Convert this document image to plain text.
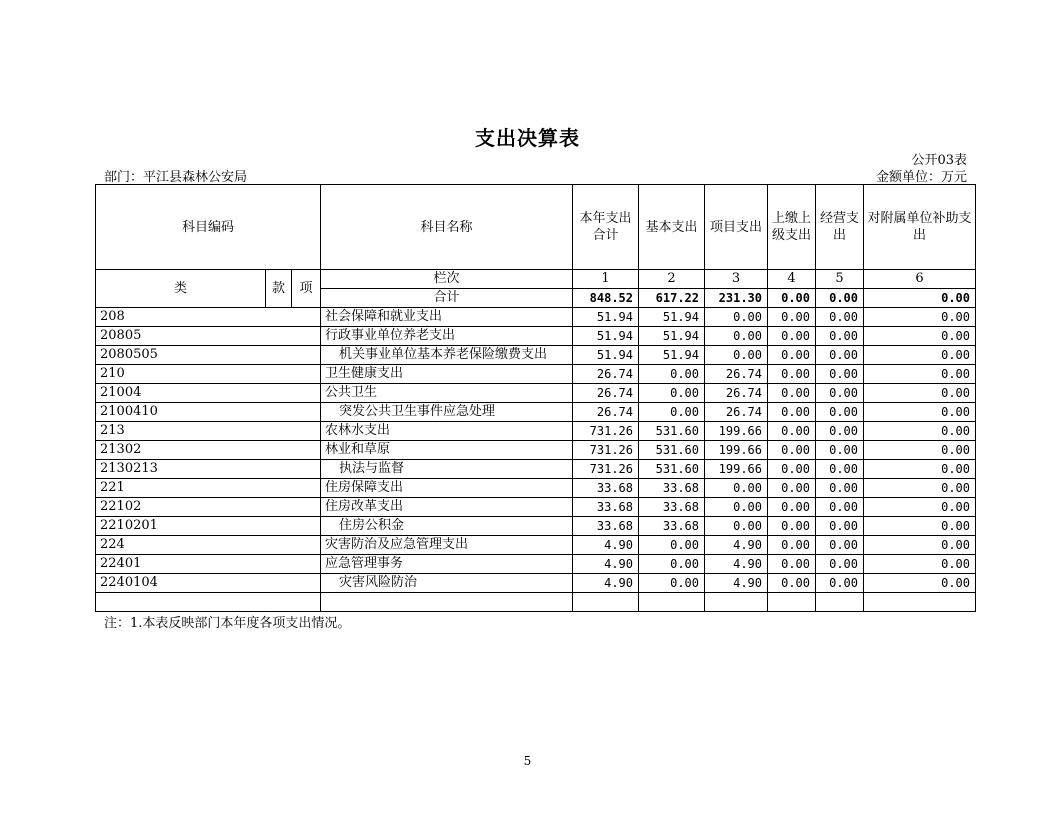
支出决算表
公开03表
部门：平江县森林公安局	金额单位：万元
科目编码			科目名称	本年支出合计	基本支出	项目支出	上缴上级支出	经营支出	对附属单位补助支出
类	款	项	栏次	1	2	3	4	5	6
			合计	848.52	617.22	231.30	0.00	0.00	0.00
208			社会保障和就业支出	51.94	51.94	0.00	0.00	0.00	0.00
20805			行政事业单位养老支出	51.94	51.94	0.00	0.00	0.00	0.00
2080505			机关事业单位基本养老保险缴费支出	51.94	51.94	0.00	0.00	0.00	0.00
210			卫生健康支出	26.74	0.00	26.74	0.00	0.00	0.00
21004			公共卫生	26.74	0.00	26.74	0.00	0.00	0.00
2100410			突发公共卫生事件应急处理	26.74	0.00	26.74	0.00	0.00	0.00
213			农林水支出	731.26	531.60	199.66	0.00	0.00	0.00
21302			林业和草原	731.26	531.60	199.66	0.00	0.00	0.00
2130213			执法与监督	731.26	531.60	199.66	0.00	0.00	0.00
221			住房保障支出	33.68	33.68	0.00	0.00	0.00	0.00
22102			住房改革支出	33.68	33.68	0.00	0.00	0.00	0.00
2210201			住房公积金	33.68	33.68	0.00	0.00	0.00	0.00
224			灾害防治及应急管理支出	4.90	0.00	4.90	0.00	0.00	0.00
22401			应急管理事务	4.90	0.00	4.90	0.00	0.00	0.00
2240104			灾害风险防治	4.90	0.00	4.90	0.00	0.00	0.00

注：1.本表反映部门本年度各项支出情况。
5
